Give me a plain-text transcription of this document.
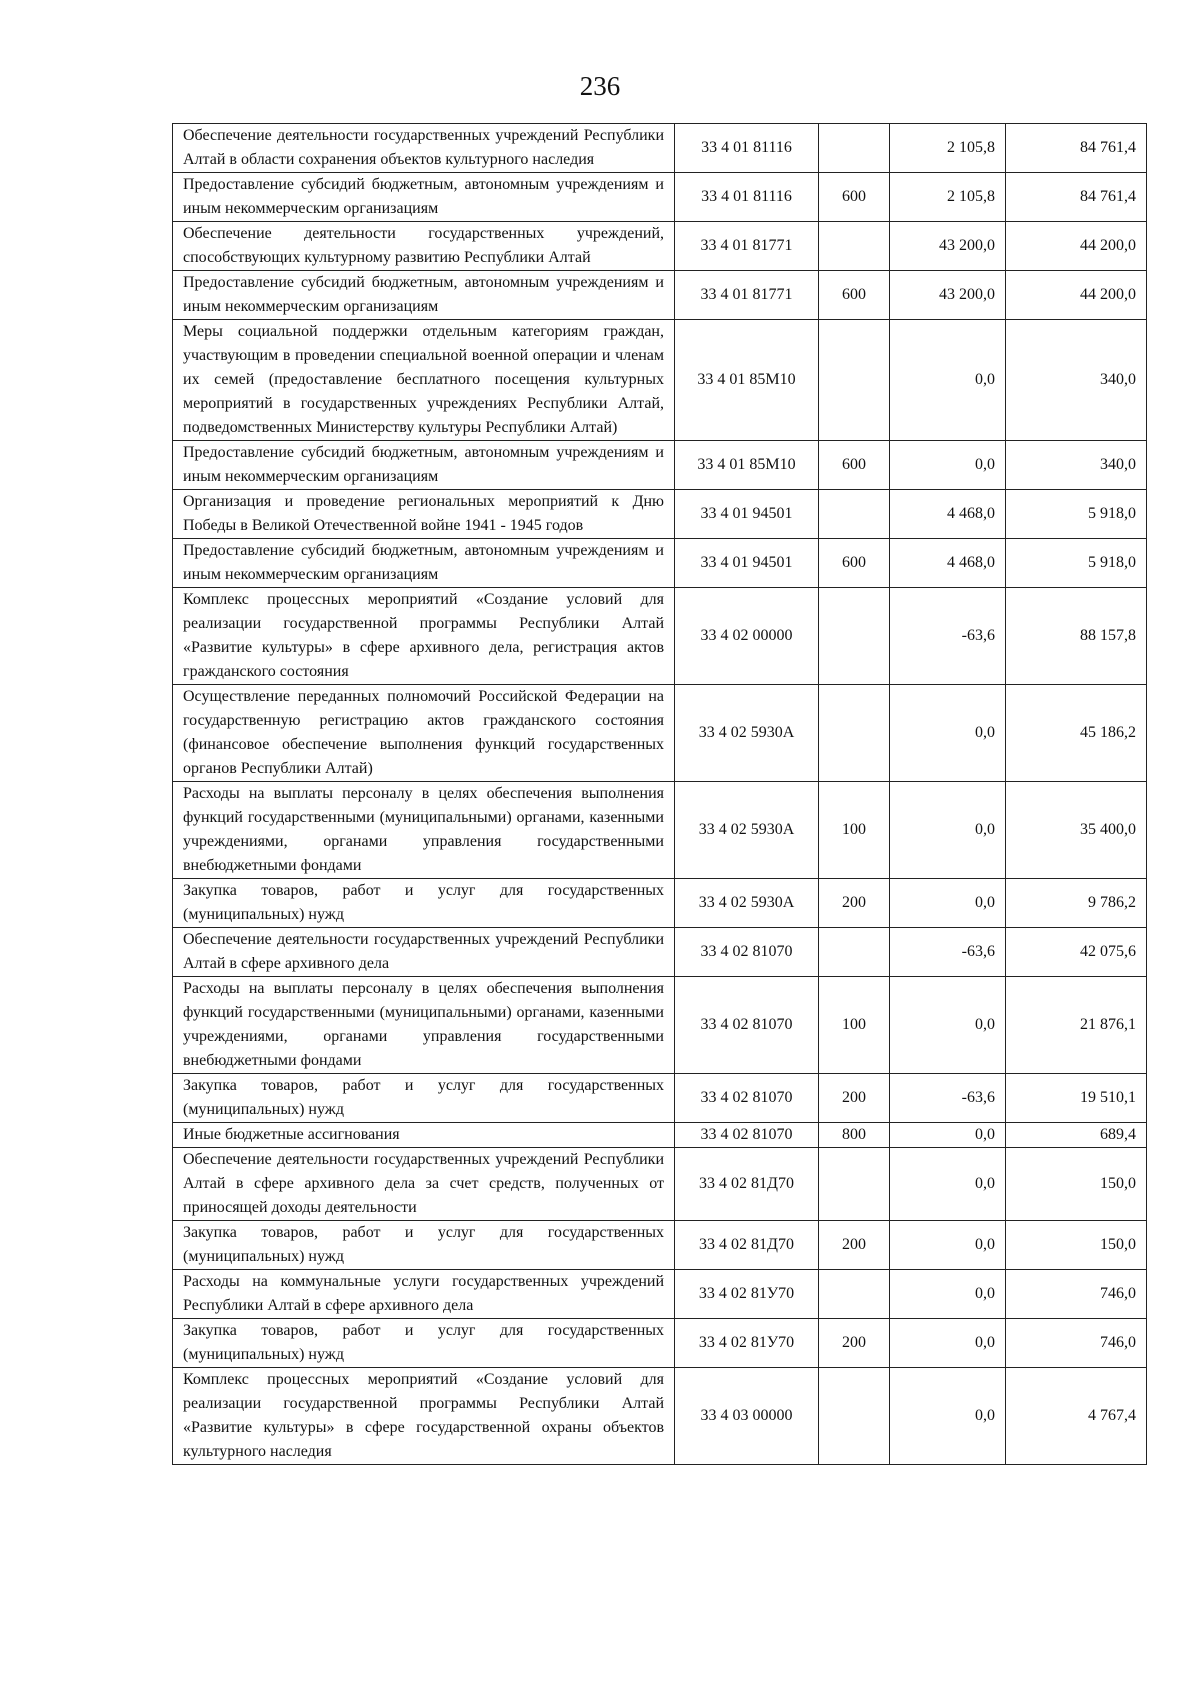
236
Обеспечение деятельности государственных учреждений Республики Алтай в области сохранения объектов культурного наследия	33 4 01 81116		2 105,8	84 761,4
Предоставление субсидий бюджетным, автономным учреждениям и иным некоммерческим организациям	33 4 01 81116	600	2 105,8	84 761,4
Обеспечение деятельности государственных учреждений, способствующих культурному развитию Республики Алтай	33 4 01 81771		43 200,0	44 200,0
Предоставление субсидий бюджетным, автономным учреждениям и иным некоммерческим организациям	33 4 01 81771	600	43 200,0	44 200,0
Меры социальной поддержки отдельным категориям граждан, участвующим в проведении специальной военной операции и членам их семей (предоставление бесплатного посещения культурных мероприятий в государственных учреждениях Республики Алтай, подведомственных Министерству культуры Республики Алтай)	33 4 01 85М10		0,0	340,0
Предоставление субсидий бюджетным, автономным учреждениям и иным некоммерческим организациям	33 4 01 85М10	600	0,0	340,0
Организация и проведение региональных мероприятий к Дню Победы в Великой Отечественной войне 1941 - 1945 годов	33 4 01 94501		4 468,0	5 918,0
Предоставление субсидий бюджетным, автономным учреждениям и иным некоммерческим организациям	33 4 01 94501	600	4 468,0	5 918,0
Комплекс процессных мероприятий «Создание условий для реализации государственной программы Республики Алтай «Развитие культуры» в сфере архивного дела, регистрация актов гражданского состояния	33 4 02 00000		-63,6	88 157,8
Осуществление переданных полномочий Российской Федерации на государственную регистрацию актов гражданского состояния (финансовое обеспечение выполнения функций государственных органов Республики Алтай)	33 4 02 5930А		0,0	45 186,2
Расходы на выплаты персоналу в целях обеспечения выполнения функций государственными (муниципальными) органами, казенными учреждениями, органами управления государственными внебюджетными фондами	33 4 02 5930А	100	0,0	35 400,0
Закупка товаров, работ и услуг для государственных (муниципальных) нужд	33 4 02 5930А	200	0,0	9 786,2
Обеспечение деятельности государственных учреждений Республики Алтай в сфере архивного дела	33 4 02 81070		-63,6	42 075,6
Расходы на выплаты персоналу в целях обеспечения выполнения функций государственными (муниципальными) органами, казенными учреждениями, органами управления государственными внебюджетными фондами	33 4 02 81070	100	0,0	21 876,1
Закупка товаров, работ и услуг для государственных (муниципальных) нужд	33 4 02 81070	200	-63,6	19 510,1
Иные бюджетные ассигнования	33 4 02 81070	800	0,0	689,4
Обеспечение деятельности государственных учреждений Республики Алтай в сфере архивного дела за счет средств, полученных от приносящей доходы деятельности	33 4 02 81Д70		0,0	150,0
Закупка товаров, работ и услуг для государственных (муниципальных) нужд	33 4 02 81Д70	200	0,0	150,0
Расходы на коммунальные услуги государственных учреждений Республики Алтай в сфере архивного дела	33 4 02 81У70		0,0	746,0
Закупка товаров, работ и услуг для государственных (муниципальных) нужд	33 4 02 81У70	200	0,0	746,0
Комплекс процессных мероприятий «Создание условий для реализации государственной программы Республики Алтай «Развитие культуры» в сфере государственной охраны объектов культурного наследия	33 4 03 00000		0,0	4 767,4
